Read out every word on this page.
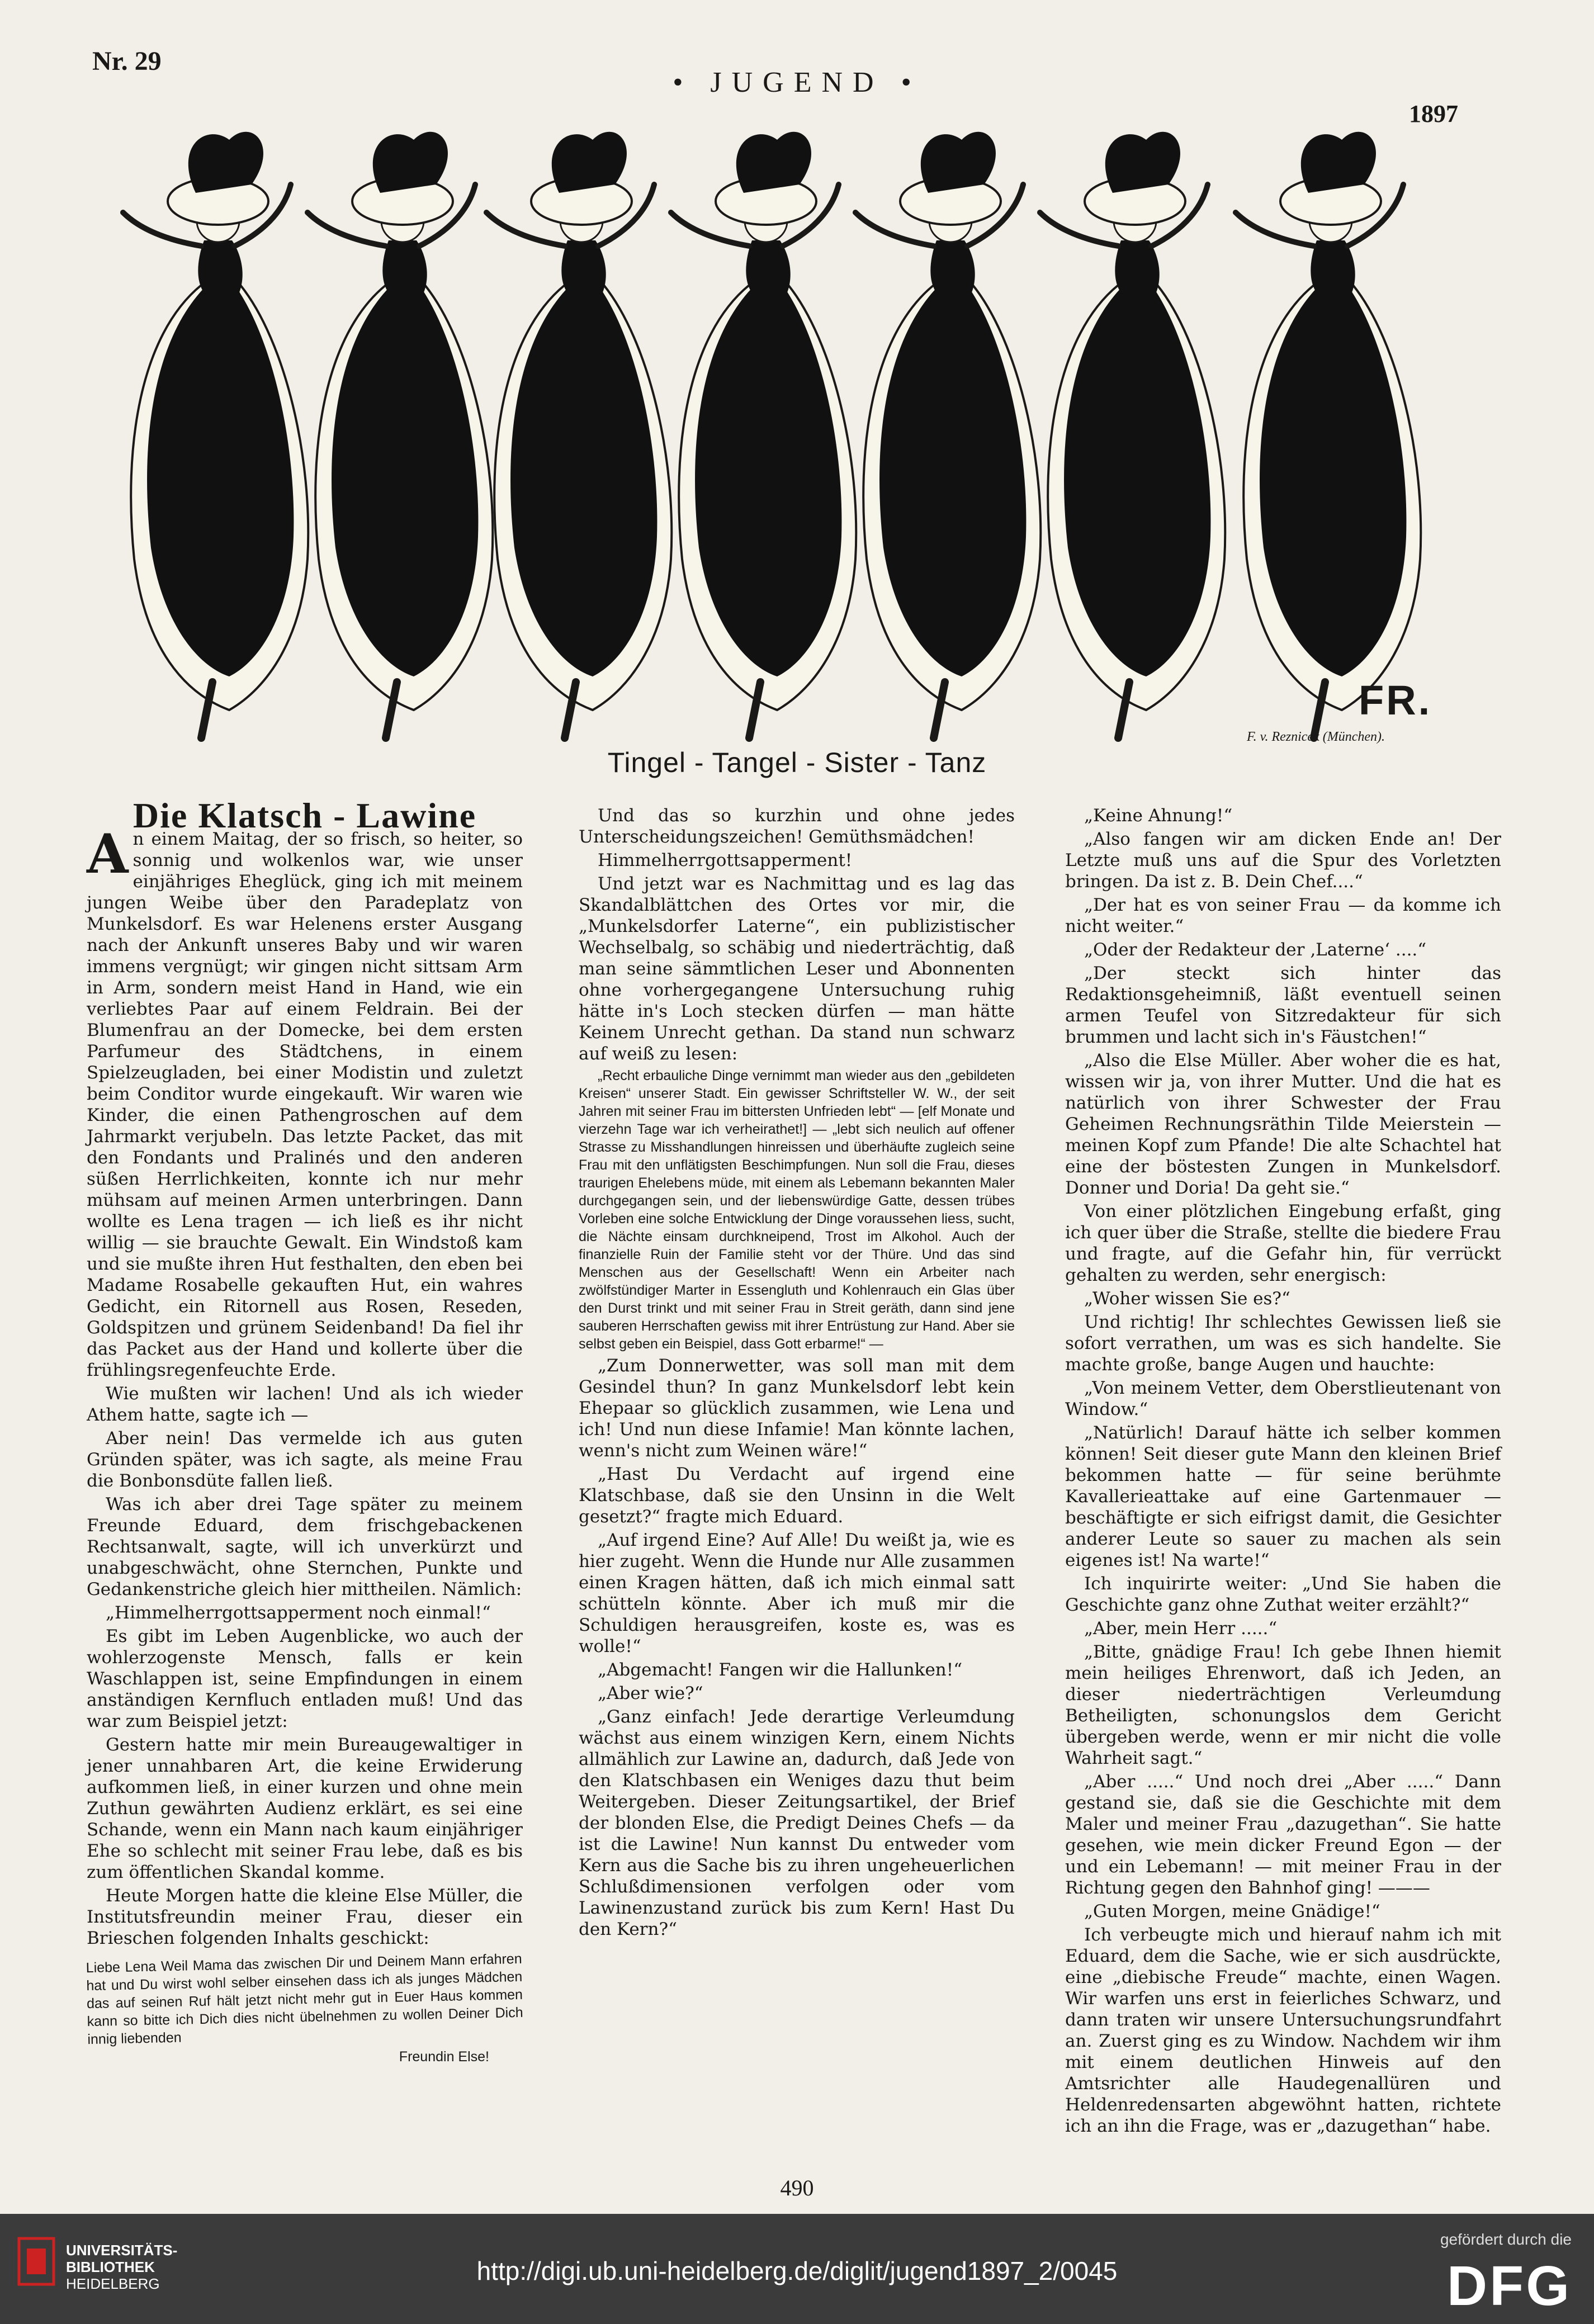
Nr. 29
• JUGEND •
1897
FR.
F. v. Reznicek (München).
Tingel - Tangel - Sister - Tanz

Die Klatsch - Lawine

An einem Maitag, der so frisch, so heiter, so sonnig und wolkenlos war, wie unser einjähriges Eheglück, ging ich mit meinem jungen Weibe über den Paradeplatz von Munkelsdorf. Es war Helenens erster Ausgang nach der Ankunft unseres Baby und wir waren immens vergnügt; wir gingen nicht sittsam Arm in Arm, sondern meist Hand in Hand, wie ein verliebtes Paar auf einem Feldrain. Bei der Blumenfrau an der Domecke, bei dem ersten Parfumeur des Städtchens, in einem Spielzeugladen, bei einer Modistin und zuletzt beim Conditor wurde eingekauft. Wir waren wie Kinder, die einen Pathengroschen auf dem Jahrmarkt verjubeln. Das letzte Packet, das mit den Fondants und Pralinés und den anderen süßen Herrlichkeiten, konnte ich nur mehr mühsam auf meinen Armen unterbringen. Dann wollte es Lena tragen — ich ließ es ihr nicht willig — sie brauchte Gewalt. Ein Windstoß kam und sie mußte ihren Hut festhalten, den eben bei Madame Rosabelle gekauften Hut, ein wahres Gedicht, ein Ritornell aus Rosen, Reseden, Goldspitzen und grünem Seidenband! Da fiel ihr das Packet aus der Hand und kollerte über die frühlingsregenfeuchte Erde.

Wie mußten wir lachen! Und als ich wieder Athem hatte, sagte ich —

Aber nein! Das vermelde ich aus guten Gründen später, was ich sagte, als meine Frau die Bonbonsdüte fallen ließ.

Was ich aber drei Tage später zu meinem Freunde Eduard, dem frischgebackenen Rechtsanwalt, sagte, will ich unverkürzt und unabgeschwächt, ohne Sternchen, Punkte und Gedankenstriche gleich hier mittheilen. Nämlich:

„Himmelherrgottsapperment noch einmal!“

Es gibt im Leben Augenblicke, wo auch der wohlerzogenste Mensch, falls er kein Waschlappen ist, seine Empfindungen in einem anständigen Kernfluch entladen muß! Und das war zum Beispiel jetzt:

Gestern hatte mir mein Bureaugewaltiger in jener unnahbaren Art, die keine Erwiderung aufkommen ließ, in einer kurzen und ohne mein Zuthun gewährten Audienz erklärt, es sei eine Schande, wenn ein Mann nach kaum einjähriger Ehe so schlecht mit seiner Frau lebe, daß es bis zum öffentlichen Skandal komme.

Heute Morgen hatte die kleine Else Müller, die Institutsfreundin meiner Frau, dieser ein Brieschen folgenden Inhalts geschickt:

Liebe Lena Weil Mama das zwischen Dir und Deinem Mann erfahren hat und Du wirst wohl selber einsehen dass ich als junges Mädchen das auf seinen Ruf hält jetzt nicht mehr gut in Euer Haus kommen kann so bitte ich Dich dies nicht übelnehmen zu wollen Deiner Dich innig liebenden

Freundin Else!

Und das so kurzhin und ohne jedes Unterscheidungszeichen! Gemüthsmädchen!

Himmelherrgottsapperment!

Und jetzt war es Nachmittag und es lag das Skandalblättchen des Ortes vor mir, die „Munkelsdorfer Laterne“, ein publizistischer Wechselbalg, so schäbig und niederträchtig, daß man seine sämmtlichen Leser und Abonnenten ohne vorhergegangene Untersuchung ruhig hätte in's Loch stecken dürfen — man hätte Keinem Unrecht gethan. Da stand nun schwarz auf weiß zu lesen:

„Recht erbauliche Dinge vernimmt man wieder aus den „gebildeten Kreisen“ unserer Stadt. Ein gewisser Schriftsteller W. W., der seit Jahren mit seiner Frau im bittersten Unfrieden lebt“ — [elf Monate und vierzehn Tage war ich verheirathet!] — „lebt sich neulich auf offener Strasse zu Misshandlungen hinreissen und überhäufte zugleich seine Frau mit den unflätigsten Beschimpfungen. Nun soll die Frau, dieses traurigen Ehelebens müde, mit einem als Lebemann bekannten Maler durchgegangen sein, und der liebenswürdige Gatte, dessen trübes Vorleben eine solche Entwicklung der Dinge voraussehen liess, sucht, die Nächte einsam durchkneipend, Trost im Alkohol. Auch der finanzielle Ruin der Familie steht vor der Thüre. Und das sind Menschen aus der Gesellschaft! Wenn ein Arbeiter nach zwölfstündiger Marter in Essengluth und Kohlenrauch ein Glas über den Durst trinkt und mit seiner Frau in Streit geräth, dann sind jene sauberen Herrschaften gewiss mit ihrer Entrüstung zur Hand. Aber sie selbst geben ein Beispiel, dass Gott erbarme!“ —

„Zum Donnerwetter, was soll man mit dem Gesindel thun? In ganz Munkelsdorf lebt kein Ehepaar so glücklich zusammen, wie Lena und ich! Und nun diese Infamie! Man könnte lachen, wenn's nicht zum Weinen wäre!“

„Hast Du Verdacht auf irgend eine Klatschbase, daß sie den Unsinn in die Welt gesetzt?“ fragte mich Eduard.

„Auf irgend Eine? Auf Alle! Du weißt ja, wie es hier zugeht. Wenn die Hunde nur Alle zusammen einen Kragen hätten, daß ich mich einmal satt schütteln könnte. Aber ich muß mir die Schuldigen herausgreifen, koste es, was es wolle!“

„Abgemacht! Fangen wir die Hallunken!“

„Aber wie?“

„Ganz einfach! Jede derartige Verleumdung wächst aus einem winzigen Kern, einem Nichts allmählich zur Lawine an, dadurch, daß Jede von den Klatschbasen ein Weniges dazu thut beim Weitergeben. Dieser Zeitungsartikel, der Brief der blonden Else, die Predigt Deines Chefs — da ist die Lawine! Nun kannst Du entweder vom Kern aus die Sache bis zu ihren ungeheuerlichen Schlußdimensionen verfolgen oder vom Lawinenzustand zurück bis zum Kern! Hast Du den Kern?“

„Keine Ahnung!“

„Also fangen wir am dicken Ende an! Der Letzte muß uns auf die Spur des Vorletzten bringen. Da ist z. B. Dein Chef....“

„Der hat es von seiner Frau — da komme ich nicht weiter.“

„Oder der Redakteur der ‚Laterne‘ ....“

„Der steckt sich hinter das Redaktionsgeheimniß, läßt eventuell seinen armen Teufel von Sitzredakteur für sich brummen und lacht sich in's Fäustchen!“

„Also die Else Müller. Aber woher die es hat, wissen wir ja, von ihrer Mutter. Und die hat es natürlich von ihrer Schwester der Frau Geheimen Rechnungsräthin Tilde Meierstein — meinen Kopf zum Pfande! Die alte Schachtel hat eine der böstesten Zungen in Munkelsdorf. Donner und Doria! Da geht sie.“

Von einer plötzlichen Eingebung erfaßt, ging ich quer über die Straße, stellte die biedere Frau und fragte, auf die Gefahr hin, für verrückt gehalten zu werden, sehr energisch:

„Woher wissen Sie es?“

Und richtig! Ihr schlechtes Gewissen ließ sie sofort verrathen, um was es sich handelte. Sie machte große, bange Augen und hauchte:

„Von meinem Vetter, dem Oberstlieutenant von Window.“

„Natürlich! Darauf hätte ich selber kommen können! Seit dieser gute Mann den kleinen Brief bekommen hatte — für seine berühmte Kavallerieattake auf eine Gartenmauer — beschäftigte er sich eifrigst damit, die Gesichter anderer Leute so sauer zu machen als sein eigenes ist! Na warte!“

Ich inquirirte weiter: „Und Sie haben die Geschichte ganz ohne Zuthat weiter erzählt?“

„Aber, mein Herr .....“

„Bitte, gnädige Frau! Ich gebe Ihnen hiemit mein heiliges Ehrenwort, daß ich Jeden, an dieser niederträchtigen Verleumdung Betheiligten, schonungslos dem Gericht übergeben werde, wenn er mir nicht die volle Wahrheit sagt.“

„Aber .....“ Und noch drei „Aber .....“ Dann gestand sie, daß sie die Geschichte mit dem Maler und meiner Frau „dazugethan“. Sie hatte gesehen, wie mein dicker Freund Egon — der und ein Lebemann! — mit meiner Frau in der Richtung gegen den Bahnhof ging! ———

„Guten Morgen, meine Gnädige!“

Ich verbeugte mich und hierauf nahm ich mit Eduard, dem die Sache, wie er sich ausdrückte, eine „diebische Freude“ machte, einen Wagen. Wir warfen uns erst in feierliches Schwarz, und dann traten wir unsere Untersuchungsrundfahrt an. Zuerst ging es zu Window. Nachdem wir ihm mit einem deutlichen Hinweis auf den Amtsrichter alle Haudegenallüren und Heldenredensarten abgewöhnt hatten, richtete ich an ihn die Frage, was er „dazugethan“ habe.

490
UNIVERSITÄTS-
BIBLIOTHEK
HEIDELBERG	http://digi.ub.uni-heidelberg.de/diglit/jugend1897_2/0045
gefördert durch die
DFG
